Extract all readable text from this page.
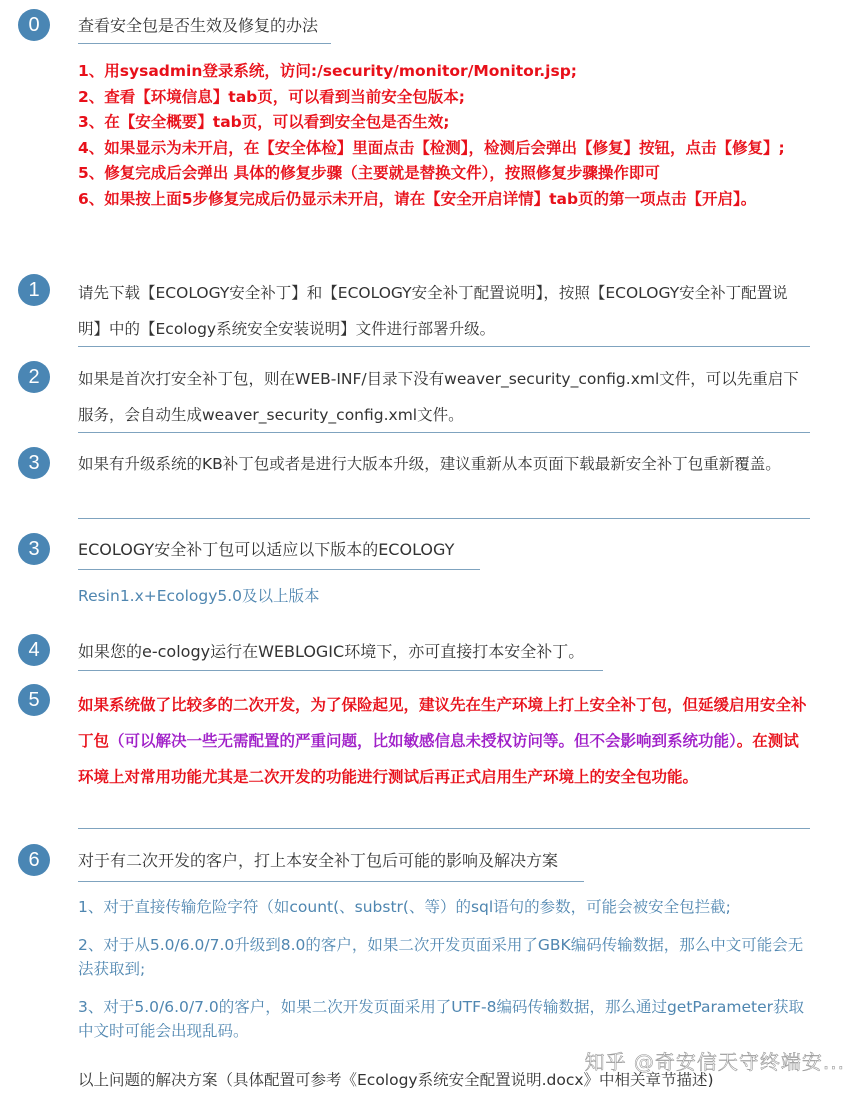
0	查看安全包是否生效及修复的办法
1、用sysadmin登录系统，访问:/security/monitor/Monitor.jsp;
2、查看【环境信息】tab页，可以看到当前安全包版本;
3、在【安全概要】tab页，可以看到安全包是否生效;
4、如果显示为未开启，在【安全体检】里面点击【检测】，检测后会弹出【修复】按钮，点击【修复】;
5、修复完成后会弹出 具体的修复步骤（主要就是替换文件），按照修复步骤操作即可
6、如果按上面5步修复完成后仍显示未开启，请在【安全开启详情】tab页的第一项点击【开启】。
1	请先下载【ECOLOGY安全补丁】和【ECOLOGY安全补丁配置说明】，按照【ECOLOGY安全补丁配置说明】中的【Ecology系统安全安装说明】文件进行部署升级。
2	如果是首次打安全补丁包，则在WEB-INF/目录下没有weaver_security_config.xml文件，可以先重启下服务，会自动生成weaver_security_config.xml文件。
3	如果有升级系统的KB补丁包或者是进行大版本升级，建议重新从本页面下载最新安全补丁包重新覆盖。
3	ECOLOGY安全补丁包可以适应以下版本的ECOLOGY
Resin1.x+Ecology5.0及以上版本
4	如果您的e-cology运行在WEBLOGIC环境下，亦可直接打本安全补丁。
5	如果系统做了比较多的二次开发，为了保险起见，建议先在生产环境上打上安全补丁包，但延缓启用安全补丁包（可以解决一些无需配置的严重问题，比如敏感信息未授权访问等。但不会影响到系统功能）。在测试环境上对常用功能尤其是二次开发的功能进行测试后再正式启用生产环境上的安全包功能。
6	对于有二次开发的客户，打上本安全补丁包后可能的影响及解决方案
1、对于直接传输危险字符（如count(、substr(、等）的sql语句的参数，可能会被安全包拦截;
2、对于从5.0/6.0/7.0升级到8.0的客户，如果二次开发页面采用了GBK编码传输数据，那么中文可能会无法获取到;
3、对于5.0/6.0/7.0的客户，如果二次开发页面采用了UTF-8编码传输数据，那么通过getParameter获取中文时可能会出现乱码。
以上问题的解决方案（具体配置可参考《Ecology系统安全配置说明.docx》中相关章节描述)
知乎 @奇安信天守终端安...
